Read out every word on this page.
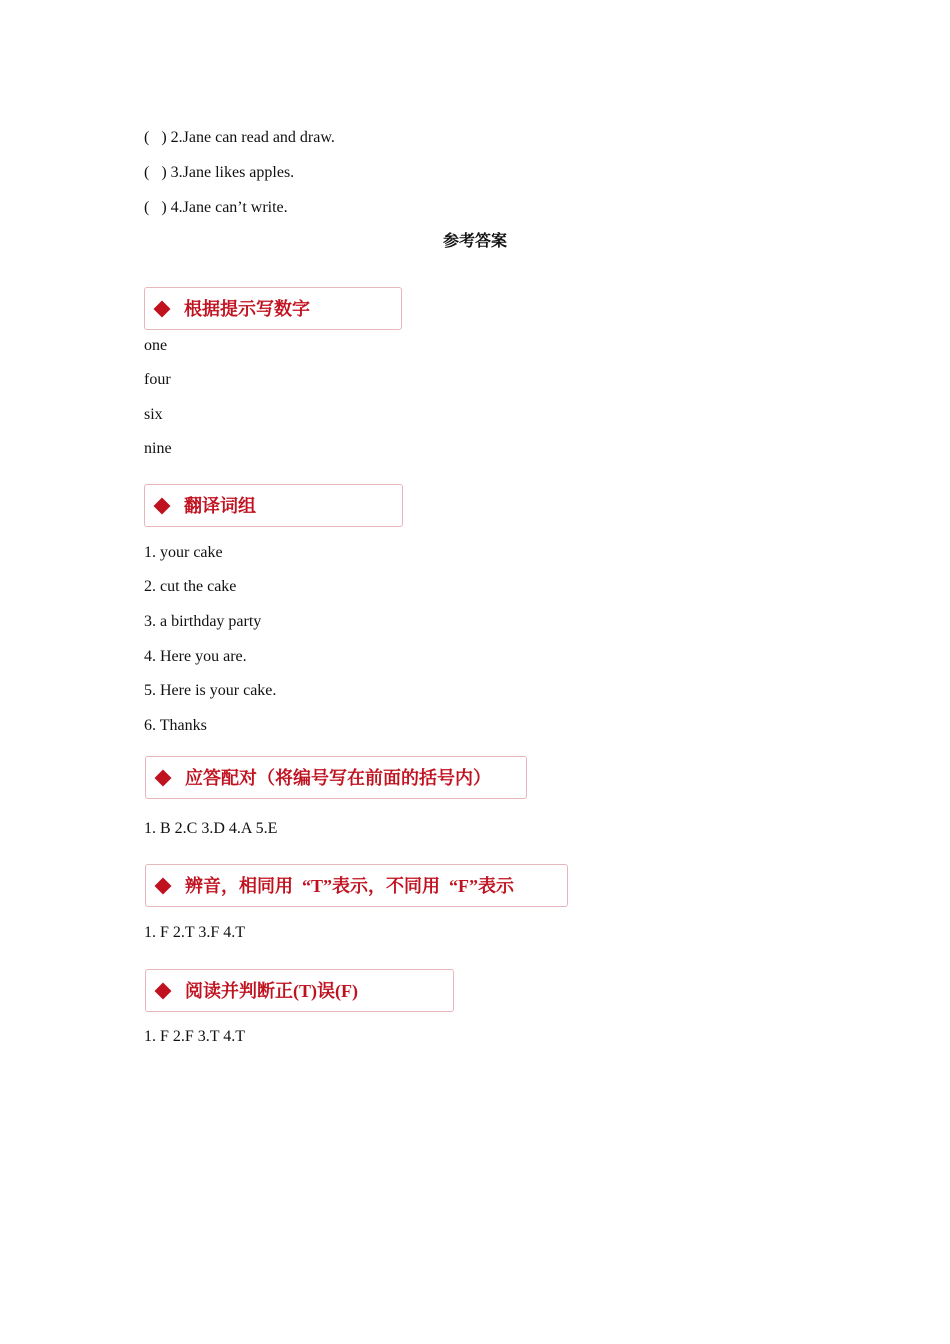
(   ) 2.Jane can read and draw.
(   ) 3.Jane likes apples.
(   ) 4.Jane can’t write.
参考答案
根据提示写数字
one
four
six
nine
翻译词组
1. your cake
2. cut the cake
3. a birthday party
4. Here you are.
5. Here is your cake.
6. Thanks
应答配对（将编号写在前面的括号内）
1. B 2.C 3.D 4.A 5.E
辨音，相同用  “T”表示，不同用  “F”表示
1. F 2.T 3.F 4.T
阅读并判断正(T)误(F)
1. F 2.F 3.T 4.T
